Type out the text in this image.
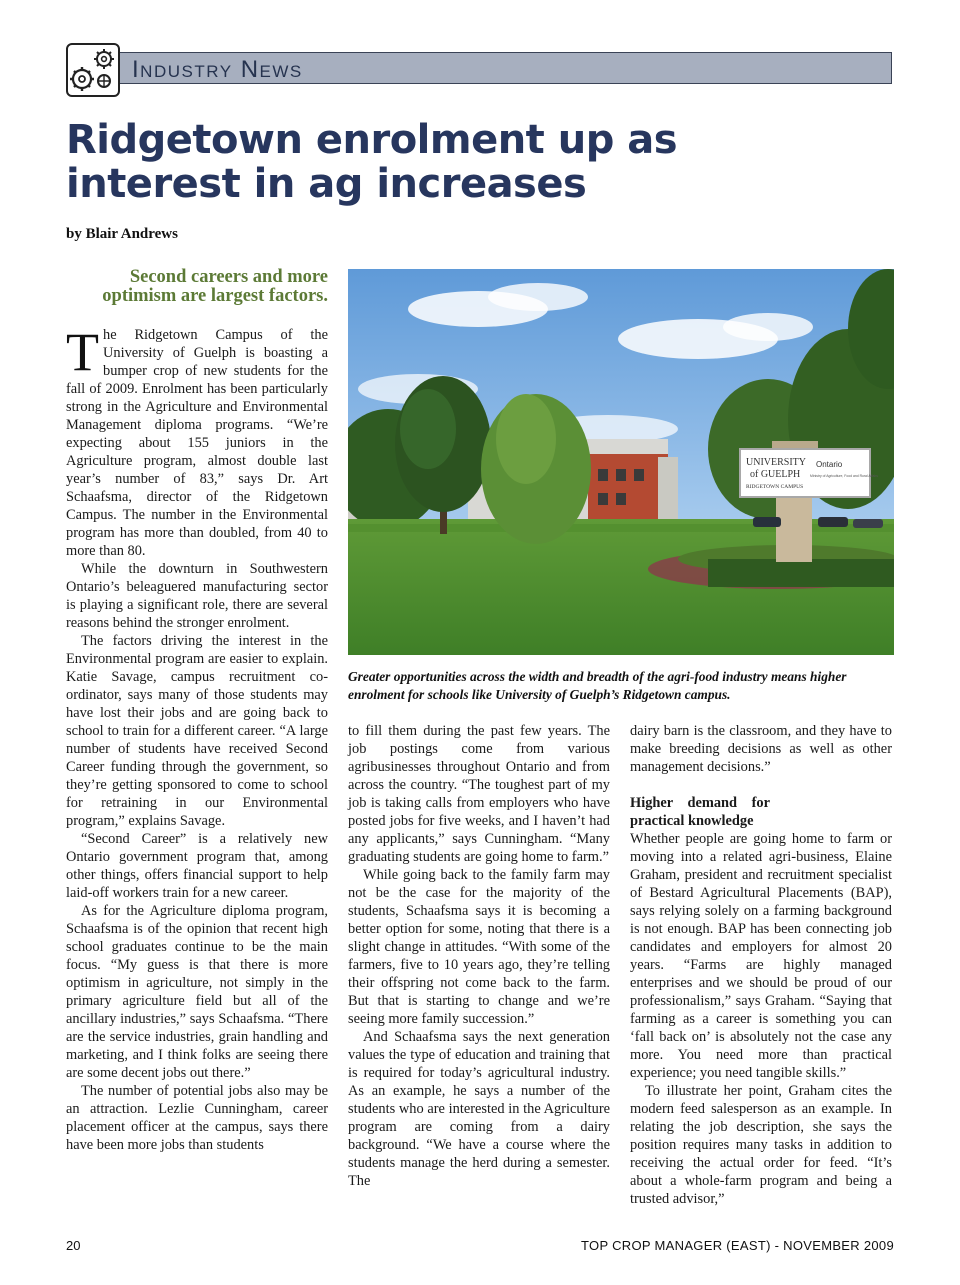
Industry News
Ridgetown enrolment up as interest in ag increases
by Blair Andrews
Second careers and more optimism are largest factors.
UNIVERSITY
of GUELPH
RIDGETOWN CAMPUS
Ontario
Ministry of Agriculture, Food and Rural Affairs
Greater opportunities across the width and breadth of the agri-food industry means higher enrolment for schools like University of Guelph’s Ridgetown campus.

The Ridgetown Campus of the University of Guelph is boasting a bumper crop of new students for the fall of 2009. Enrolment has been particularly strong in the Agriculture and Environmental Management diploma programs. “We’re expecting about 155 juniors in the Agriculture program, almost double last year’s number of 83,” says Dr. Art Schaafsma, director of the Ridgetown Campus. The number in the Environmental program has more than doubled, from 40 to more than 80.

While the downturn in Southwestern Ontario’s beleaguered manufacturing sector is playing a significant role, there are several reasons behind the stronger enrolment.

The factors driving the interest in the Environmental program are easier to explain. Katie Savage, campus recruitment co-ordinator, says many of those students may have lost their jobs and are going back to school to train for a different career. “A large number of students have received Second Career funding through the government, so they’re getting sponsored to come to school for retraining in our Environmental program,” explains Savage.

“Second Career” is a relatively new Ontario government program that, among other things, offers financial support to help laid-off workers train for a new career.

As for the Agriculture diploma program, Schaafsma is of the opinion that recent high school graduates continue to be the main focus. “My guess is that there is more optimism in agriculture, not simply in the primary agriculture field but all of the ancillary industries,” says Schaafsma. “There are the service industries, grain handling and marketing, and I think folks are seeing there are some decent jobs out there.”

The number of potential jobs also may be an attraction. Lezlie Cunningham, career placement officer at the campus, says there have been more jobs than students

to fill them during the past few years. The job postings come from various agribusinesses throughout Ontario and from across the country. “The toughest part of my job is taking calls from employers who have posted jobs for five weeks, and I haven’t had any applicants,” says Cunningham. “Many graduating students are going home to farm.”

While going back to the family farm may not be the case for the majority of the students, Schaafsma says it is becoming a better option for some, noting that there is a slight change in attitudes. “With some of the farmers, five to 10 years ago, they’re telling their offspring not come back to the farm. But that is starting to change and we’re seeing more family succession.”

And Schaafsma says the next generation values the type of education and training that is required for today’s agricultural industry. As an example, he says a number of the students who are interested in the Agriculture program are coming from a dairy background. “We have a course where the students manage the herd during a semester. The

dairy barn is the classroom, and they have to make breeding decisions as well as other management decisions.”

Higher demand for practical knowledge

Whether people are going home to farm or moving into a related agri-business, Elaine Graham, president and recruitment specialist of Bestard Agricultural Placements (BAP), says relying solely on a farming background is not enough. BAP has been connecting job candidates and employers for almost 20 years. “Farms are highly managed enterprises and we should be proud of our professionalism,” says Graham. “Saying that farming as a career is something you can ‘fall back on’ is absolutely not the case any more. You need more than practical experience; you need tangible skills.”

To illustrate her point, Graham cites the modern feed salesperson as an example. In relating the job description, she says the position requires many tasks in addition to receiving the actual order for feed. “It’s about a whole-farm program and being a trusted advisor,”

20	TOP CROP MANAGER (EAST) - NOVEMBER 2009
